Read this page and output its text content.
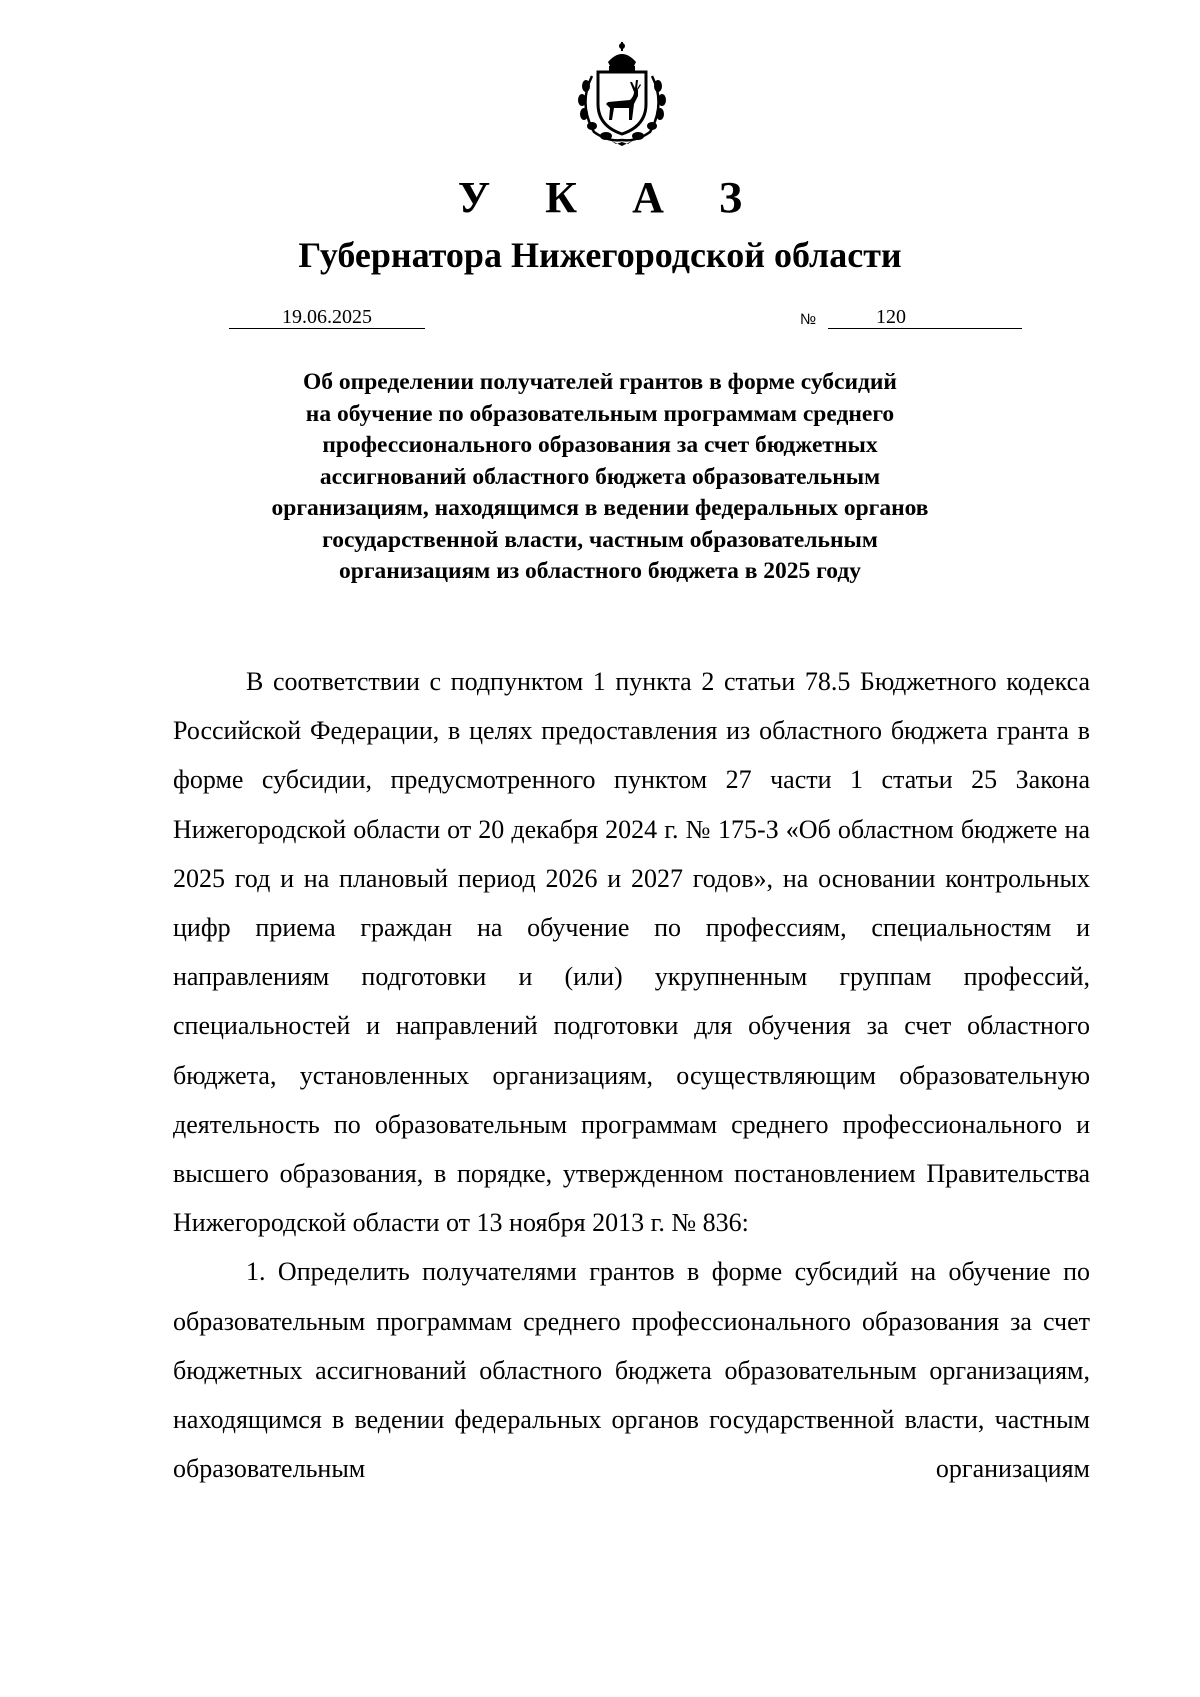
У К А З
Губернатора Нижегородской области
19.06.2025	№	120
Об определении получателей грантов в форме субсидий
на обучение по образовательным программам среднего
профессионального образования за счет бюджетных
ассигнований областного бюджета образовательным
организациям, находящимся в ведении федеральных органов
государственной власти, частным образовательным
организациям из областного бюджета в 2025 году

В соответствии с подпунктом 1 пункта 2 статьи 78.5 Бюджетного кодекса Российской Федерации, в целях предоставления из областного бюджета гранта в форме субсидии, предусмотренного пунктом 27 части 1 статьи 25 Закона Нижегородской области от 20 декабря 2024 г. № 175-З «Об областном бюджете на 2025 год и на плановый период 2026 и 2027 годов», на основании контрольных цифр приема граждан на обучение по профессиям, специальностям и направлениям подготовки и (или) укрупненным группам профессий, специальностей и направлений подготовки для обучения за счет областного бюджета, установленных организациям, осуществляющим образовательную деятельность по образовательным программам среднего профессионального и высшего образования, в порядке, утвержденном постановлением Правительства Нижегородской области от 13 ноября 2013 г. № 836:

1. Определить получателями грантов в форме субсидий на обучение по образовательным программам среднего профессионального образования за счет бюджетных ассигнований областного бюджета образовательным организациям, находящимся в ведении федеральных органов государственной власти, частным образовательным организациям
